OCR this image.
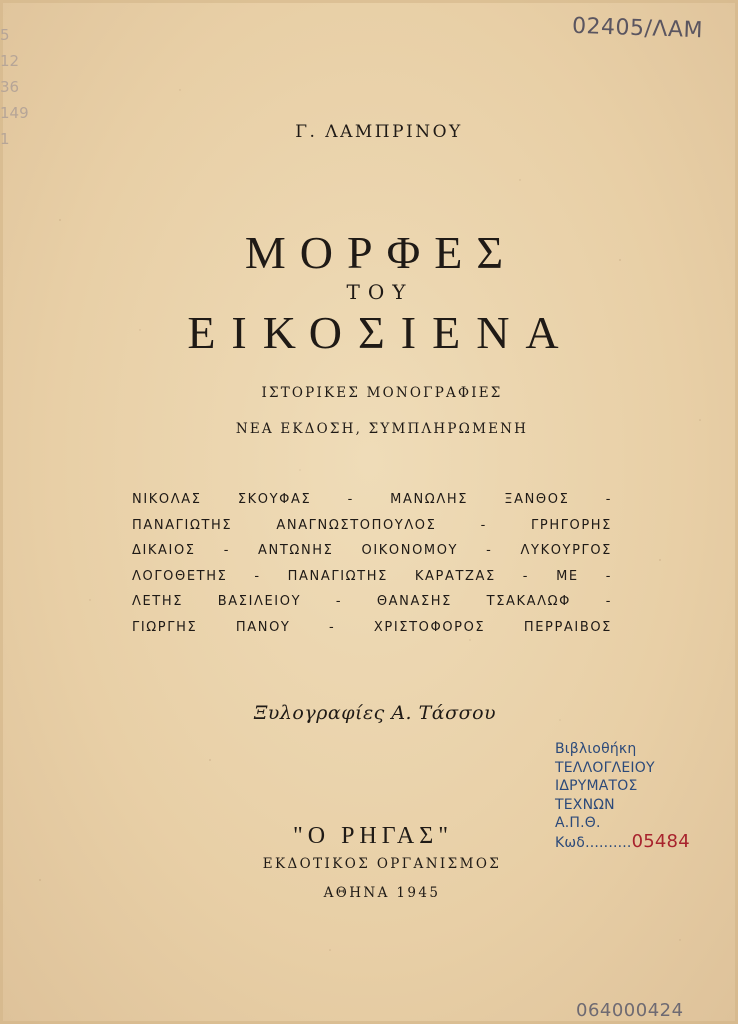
5
12
36
149
1
02405/ΛΑΜ
Γ. ΛΑΜΠΡΙΝΟΥ
ΜΟΡΦΕΣ
ΤΟΥ
ΕΙΚΟΣΙΕΝΑ
ΙΣΤΟΡΙΚΕΣ ΜΟΝΟΓΡΑΦΙΕΣ
ΝΕΑ ΕΚΔΟΣΗ, ΣΥΜΠΛΗΡΩΜΕΝΗ
ΝΙΚΟΛΑΣ ΣΚΟΥΦΑΣ - ΜΑΝΩΛΗΣ ΞΑΝΘΟΣ -
ΠΑΝΑΓΙΩΤΗΣ ΑΝΑΓΝΩΣΤΟΠΟΥΛΟΣ - ΓΡΗΓΟΡΗΣ
ΔΙΚΑΙΟΣ - ΑΝΤΩΝΗΣ ΟΙΚΟΝΟΜΟΥ - ΛΥΚΟΥΡΓΟΣ
ΛΟΓΟΘΕΤΗΣ - ΠΑΝΑΓΙΩΤΗΣ ΚΑΡΑΤΖΑΣ - ΜΕ -
ΛΕΤΗΣ ΒΑΣΙΛΕΙΟΥ - ΘΑΝΑΣΗΣ ΤΣΑΚΑΛΩΦ -
ΓΙΩΡΓΗΣ ΠΑΝΟΥ - ΧΡΙΣΤΟΦΟΡΟΣ ΠΕΡΡΑΙΒΟΣ
Ξυλογραφίες Α. Τάσσου
"Ο ΡΗΓΑΣ"
ΕΚΔΟΤΙΚΟΣ ΟΡΓΑΝΙΣΜΟΣ
ΑΘΗΝΑ 1945
Βιβλιοθήκη
ΤΕΛΛΟΓΛΕΙΟΥ
ΙΔΡΥΜΑΤΟΣ
ΤΕΧΝΩΝ
Α.Π.Θ.
Κωδ..........05484
064000424
